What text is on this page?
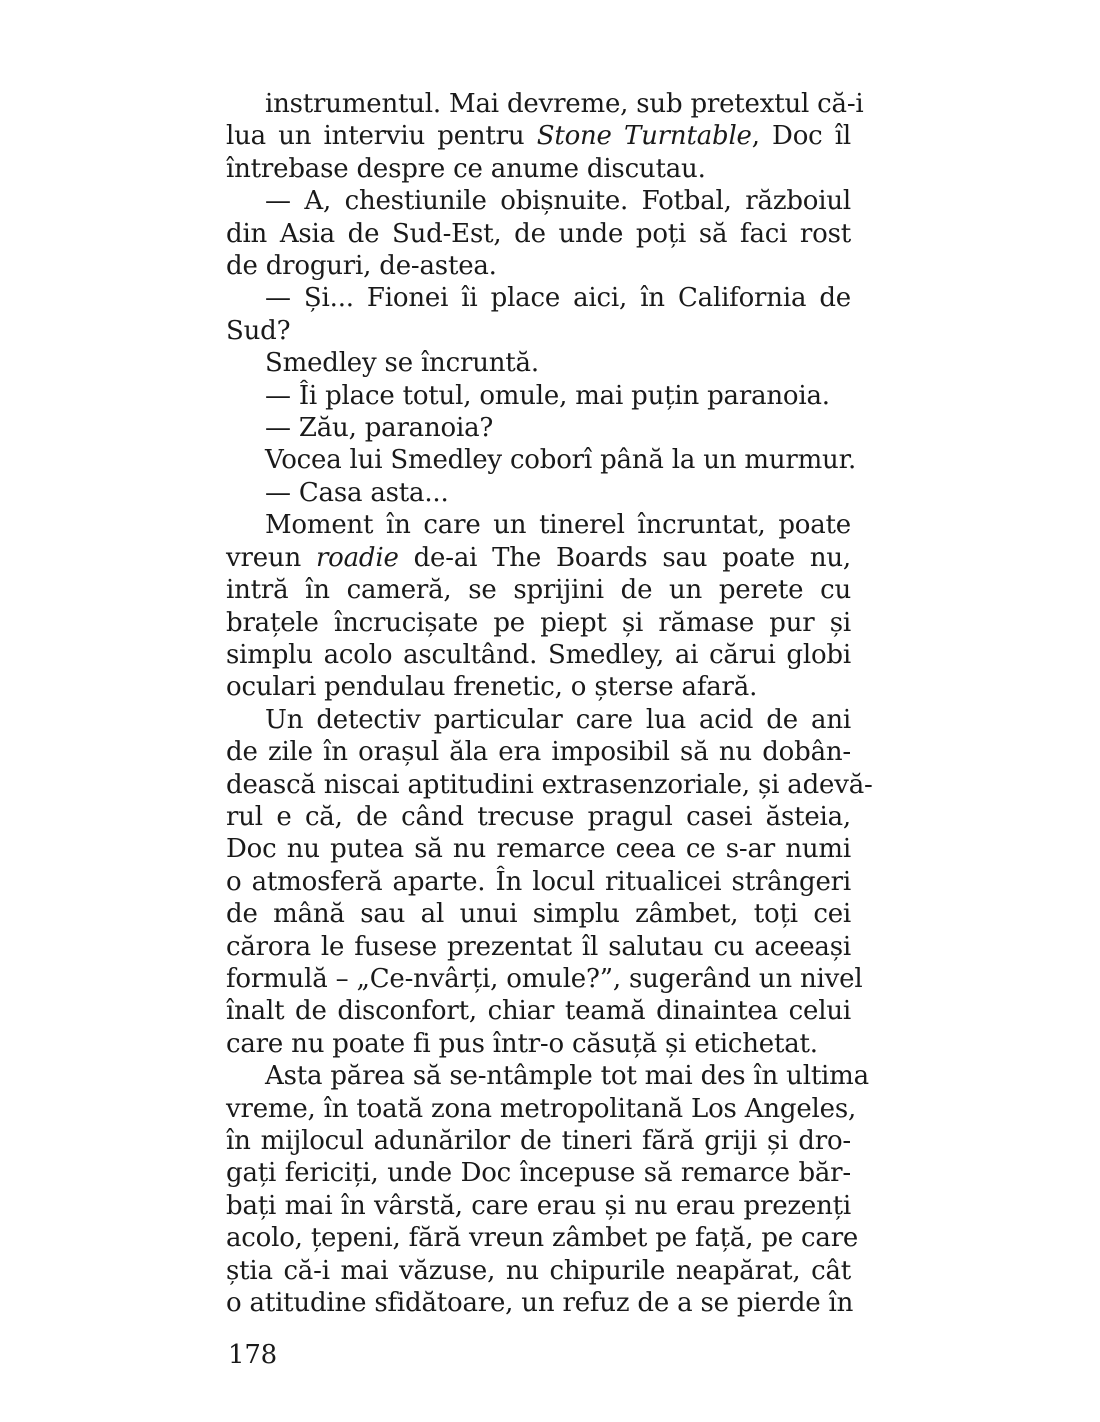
instrumentul. Mai devreme, sub pretextul că-i
lua un interviu pentru Stone Turntable, Doc îl
întrebase despre ce anume discutau.
— A, chestiunile obișnuite. Fotbal, războiul
din Asia de Sud-Est, de unde poți să faci rost
de droguri, de-astea.
— Și... Fionei îi place aici, în California de
Sud?
Smedley se încruntă.
— Îi place totul, omule, mai puțin paranoia.
— Zău, paranoia?
Vocea lui Smedley coborî până la un murmur.
— Casa asta...
Moment în care un tinerel încruntat, poate
vreun roadie de-ai The Boards sau poate nu,
intră în cameră, se sprijini de un perete cu
brațele încrucișate pe piept și rămase pur și
simplu acolo ascultând. Smedley, ai cărui globi
oculari pendulau frenetic, o șterse afară.
Un detectiv particular care lua acid de ani
de zile în orașul ăla era imposibil să nu dobân-
dească niscai aptitudini extrasenzoriale, și adevă-
rul e că, de când trecuse pragul casei ăsteia,
Doc nu putea să nu remarce ceea ce s-ar numi
o atmosferă aparte. În locul ritualicei strângeri
de mână sau al unui simplu zâmbet, toți cei
cărora le fusese prezentat îl salutau cu aceeași
formulă – „Ce-nvârți, omule?”, sugerând un nivel
înalt de disconfort, chiar teamă dinaintea celui
care nu poate fi pus într-o căsuță și etichetat.
Asta părea să se-ntâmple tot mai des în ultima
vreme, în toată zona metropolitană Los Angeles,
în mijlocul adunărilor de tineri fără griji și dro-
gați fericiți, unde Doc începuse să remarce băr-
bați mai în vârstă, care erau și nu erau prezenți
acolo, țepeni, fără vreun zâmbet pe față, pe care
știa că-i mai văzuse, nu chipurile neapărat, cât
o atitudine sfidătoare, un refuz de a se pierde în
178
